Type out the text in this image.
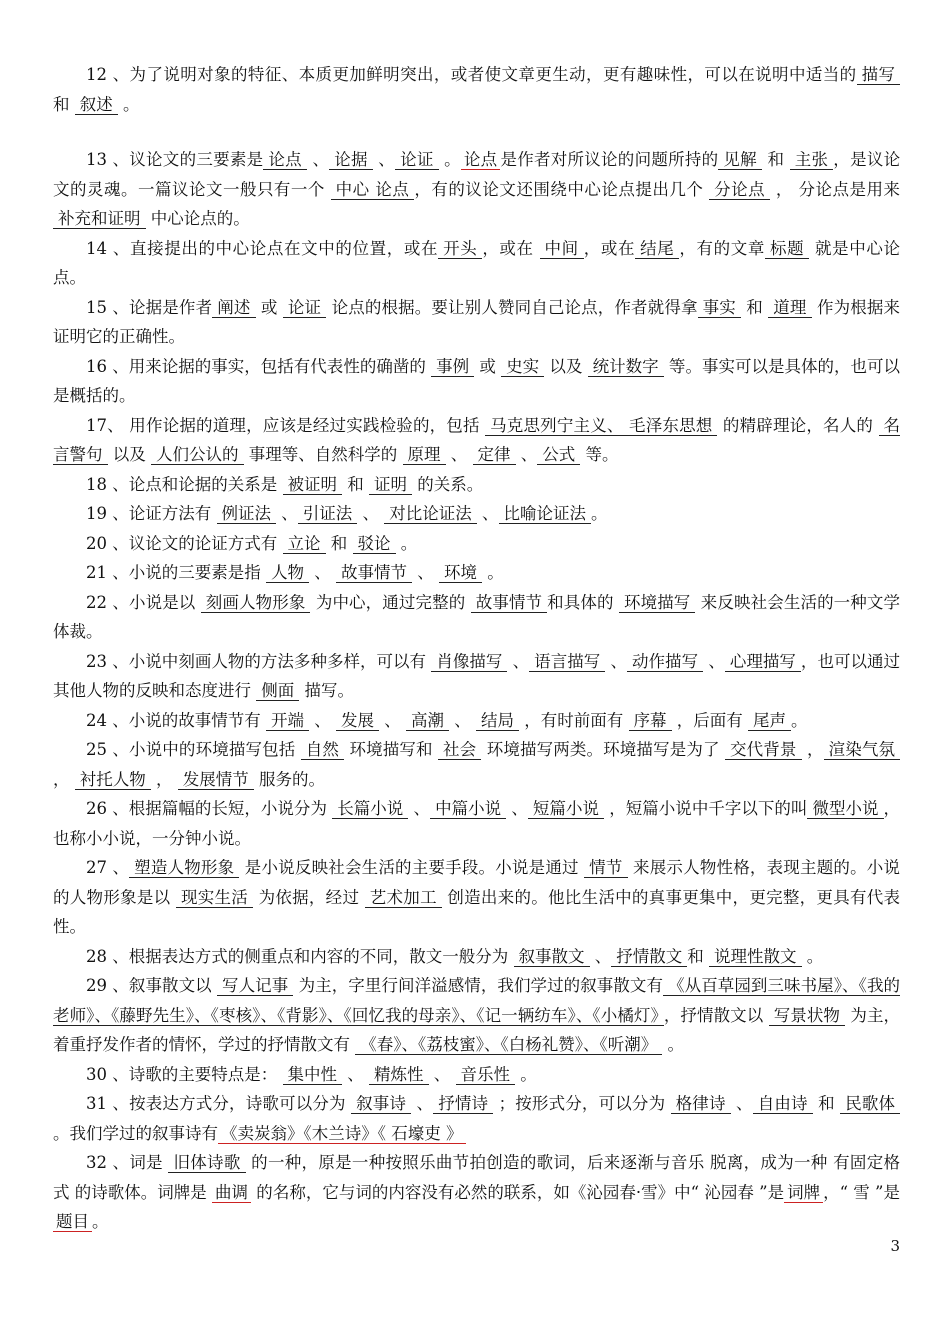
12 、为了说明对象的特征、本质更加鲜明突出，或者使文章更生动，更有趣味性，可以在说明中适当的 描写 和 叙述 。

13 、议论文的三要素是 论点 、 论据 、 论证 。 论点 是作者对所议论的问题所持的 见解 和 主张 ，是议论文的灵魂。一篇议论文一般只有一个 中心 论点 ，有的议论文还围绕中心论点提出几个 分论点 ， 分论点是用来 补充和证明 中心论点的。

14 、直接提出的中心论点在文中的位置，或在 开头 ，或在 中间 ，或在 结尾 ，有的文章 标题 就是中心论点。

15 、论据是作者 阐述 或 论证 论点的根据。要让别人赞同自己论点，作者就得拿 事实 和 道理 作为根据来证明它的正确性。

16 、用来论据的事实，包括有代表性的确凿的 事例 或 史实 以及 统计数字 等。事实可以是具体的，也可以是概括的。

17、 用作论据的道理，应该是经过实践检验的，包括 马克思列宁主义、 毛泽东思想 的精辟理论，名人的 名言警句 以及 人们公认的 事理等、自然科学的 原理 、 定律 、 公式 等。

18 、论点和论据的关系是 被证明 和 证明 的关系。

19 、论证方法有 例证法 、 引证法 、 对比论证法 、 比喻论证法 。

20 、议论文的论证方式有 立论 和 驳论 。

21 、小说的三要素是指 人物 、 故事情节 、 环境 。

22 、小说是以 刻画人物形象 为中心，通过完整的 故事情节 和具体的 环境描写 来反映社会生活的一种文学体裁。

23 、小说中刻画人物的方法多种多样，可以有 肖像描写 、 语言描写 、 动作描写 、 心理描写 ，也可以通过其他人物的反映和态度进行 侧面 描写。

24 、小说的故事情节有 开端 、 发展 、 高潮 、 结局 ，有时前面有 序幕 ，后面有 尾声 。

25 、小说中的环境描写包括 自然 环境描写和 社会 环境描写两类。环境描写是为了 交代背景 ， 渲染气氛 ， 衬托人物 ， 发展情节 服务的。

26 、根据篇幅的长短，小说分为 长篇小说 、 中篇小说 、 短篇小说 ，短篇小说中千字以下的叫 微型小说 ，也称小小说，一分钟小说。

27 、 塑造人物形象 是小说反映社会生活的主要手段。小说是通过 情节 来展示人物性格，表现主题的。小说的人物形象是以 现实生活 为依据，经过 艺术加工 创造出来的。他比生活中的真事更集中，更完整，更具有代表性。

28 、根据表达方式的侧重点和内容的不同，散文一般分为 叙事散文 、 抒情散文 和 说理性散文 。

29 、叙事散文以 写人记事 为主，字里行间洋溢感情，我们学过的叙事散文有 《从百草园到三味书屋》、《我的老师》、《藤野先生》、《枣核》、《背影》、《回忆我的母亲》、《记一辆纺车》、《小橘灯》 ，抒情散文以 写景状物 为主，着重抒发作者的情怀，学过的抒情散文有 《春》、《荔枝蜜》、《白杨礼赞》、《听潮》 。

30 、诗歌的主要特点是： 集中性 、 精炼性 、 音乐性 。

31 、按表达方式分，诗歌可以分为 叙事诗 、 抒情诗 ；按形式分，可以分为 格律诗 、 自由诗 和 民歌体 。我们学过的叙事诗有 《卖炭翁》《木兰诗》《 石壕吏 》

32 、词是 旧体诗歌 的一种，原是一种按照乐曲节拍创造的歌词，后来逐渐与音乐 脱离，成为一种 有固定格式 的诗歌体。词牌是 曲调 的名称，它与词的内容没有必然的联系，如《沁园春·雪》中“ 沁园春 ”是 词牌 ，“ 雪 ”是题目 。

3
